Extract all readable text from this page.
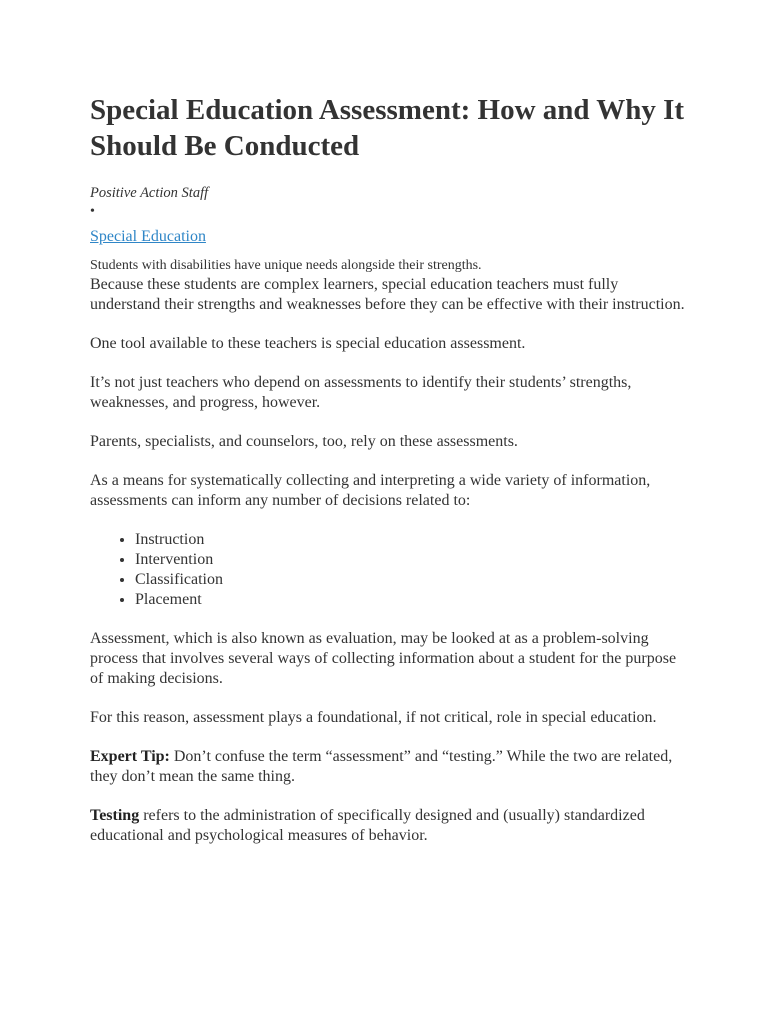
Special Education Assessment: How and Why It Should Be Conducted
Positive Action Staff
•
Special Education
Students with disabilities have unique needs alongside their strengths.

Because these students are complex learners, special education teachers must fully understand their strengths and weaknesses before they can be effective with their instruction.

One tool available to these teachers is special education assessment.

It’s not just teachers who depend on assessments to identify their students’ strengths, weaknesses, and progress, however.

Parents, specialists, and counselors, too, rely on these assessments.

As a means for systematically collecting and interpreting a wide variety of information, assessments can inform any number of decisions related to:

• Instruction
• Intervention
• Classification
• Placement

Assessment, which is also known as evaluation, may be looked at as a problem-solving process that involves several ways of collecting information about a student for the purpose of making decisions.

For this reason, assessment plays a foundational, if not critical, role in special education.

Expert Tip: Don’t confuse the term “assessment” and “testing.” While the two are related, they don’t mean the same thing.

Testing refers to the administration of specifically designed and (usually) standardized educational and psychological measures of behavior.
